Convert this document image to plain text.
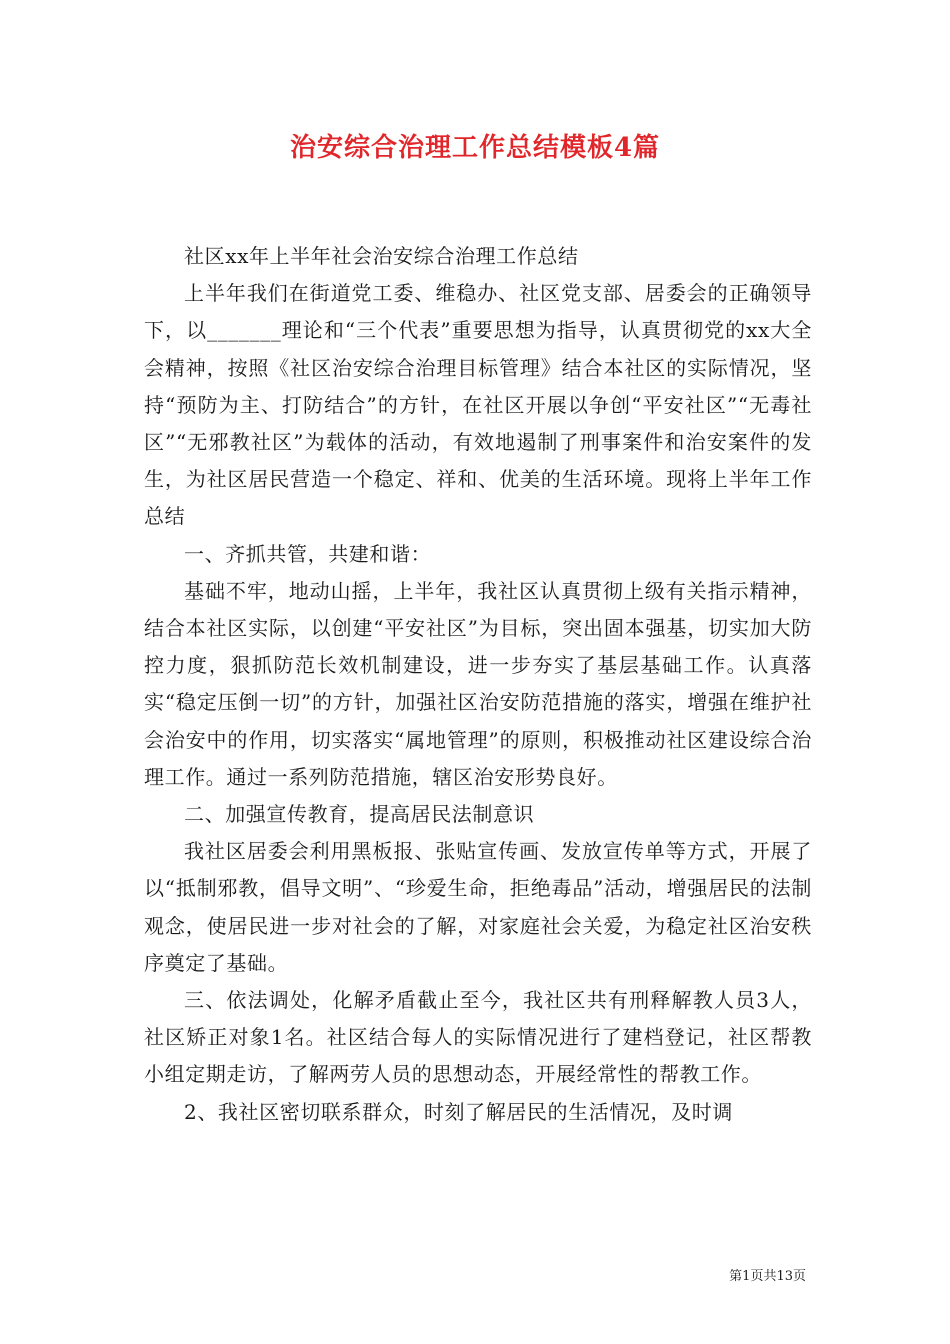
治安综合治理工作总结模板4篇

社区xx年上半年社会治安综合治理工作总结

上半年我们在街道党工委、维稳办、社区党支部、居委会的正确领导下，以_______理论和“三个代表”重要思想为指导，认真贯彻党的xx大全会精神，按照《社区治安综合治理目标管理》结合本社区的实际情况，坚持“预防为主、打防结合”的方针，在社区开展以争创“平安社区”“无毒社区”“无邪教社区”为载体的活动，有效地遏制了刑事案件和治安案件的发生，为社区居民营造一个稳定、祥和、优美的生活环境。现将上半年工作总结

一、齐抓共管，共建和谐：

基础不牢，地动山摇，上半年，我社区认真贯彻上级有关指示精神，结合本社区实际，以创建“平安社区”为目标，突出固本强基，切实加大防控力度，狠抓防范长效机制建设，进一步夯实了基层基础工作。认真落实“稳定压倒一切”的方针，加强社区治安防范措施的落实，增强在维护社会治安中的作用，切实落实“属地管理”的原则，积极推动社区建设综合治理工作。通过一系列防范措施，辖区治安形势良好。

二、加强宣传教育，提高居民法制意识

我社区居委会利用黑板报、张贴宣传画、发放宣传单等方式，开展了以“抵制邪教，倡导文明”、“珍爱生命，拒绝毒品”活动，增强居民的法制观念，使居民进一步对社会的了解，对家庭社会关爱，为稳定社区治安秩序奠定了基础。

三、依法调处，化解矛盾截止至今，我社区共有刑释解教人员3人，社区矫正对象1名。社区结合每人的实际情况进行了建档登记，社区帮教小组定期走访，了解两劳人员的思想动态，开展经常性的帮教工作。

2、我社区密切联系群众，时刻了解居民的生活情况，及时调

第1页共13页
